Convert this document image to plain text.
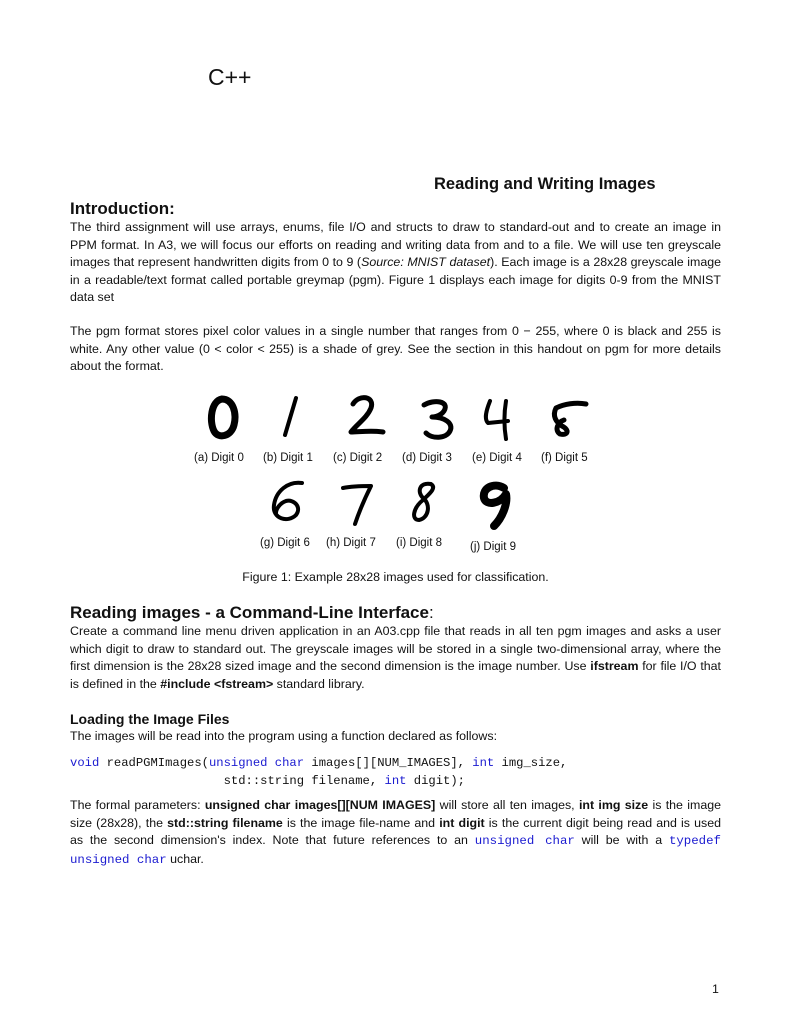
C++
Reading and Writing Images
Introduction:

The third assignment will use arrays, enums, file I/O and structs to draw to standard-out and to create an image in PPM format. In A3, we will focus our efforts on reading and writing data from and to a file. We will use ten greyscale images that represent handwritten digits from 0 to 9 (Source: MNIST dataset). Each image is a 28x28 greyscale image in a readable/text format called portable greymap (pgm). Figure 1 displays each image for digits 0-9 from the MNIST data set

The pgm format stores pixel color values in a single number that ranges from 0 − 255, where 0 is black and 255 is white. Any other value (0 < color < 255) is a shade of grey. See the section in this handout on pgm for more details about the format.

(a) Digit 0 (b) Digit 1 (c) Digit 2 (d) Digit 3 (e) Digit 4 (f) Digit 5
(g) Digit 6 (h) Digit 7 (i) Digit 8 (j) Digit 9
Figure 1: Example 28x28 images used for classification.
Reading images - a Command-Line Interface:

Create a command line menu driven application in an A03.cpp file that reads in all ten pgm images and asks a user which digit to draw to standard out. The greyscale images will be stored in a single two-dimensional array, where the first dimension is the 28x28 sized image and the second dimension is the image number. Use ifstream for file I/O that is defined in the #include <fstream> standard library.

Loading the Image Files

The images will be read into the program using a function declared as follows:

void readPGMImages(unsigned char images[][NUM_IMAGES], int img_size,
std::string filename, int digit);

The formal parameters: unsigned char images[][NUM IMAGES] will store all ten images, int img size is the image size (28x28), the std::string filename is the image file-name and int digit is the current digit being read and is used as the second dimension's index. Note that future references to an unsigned char will be with a typedef unsigned char uchar.

1
